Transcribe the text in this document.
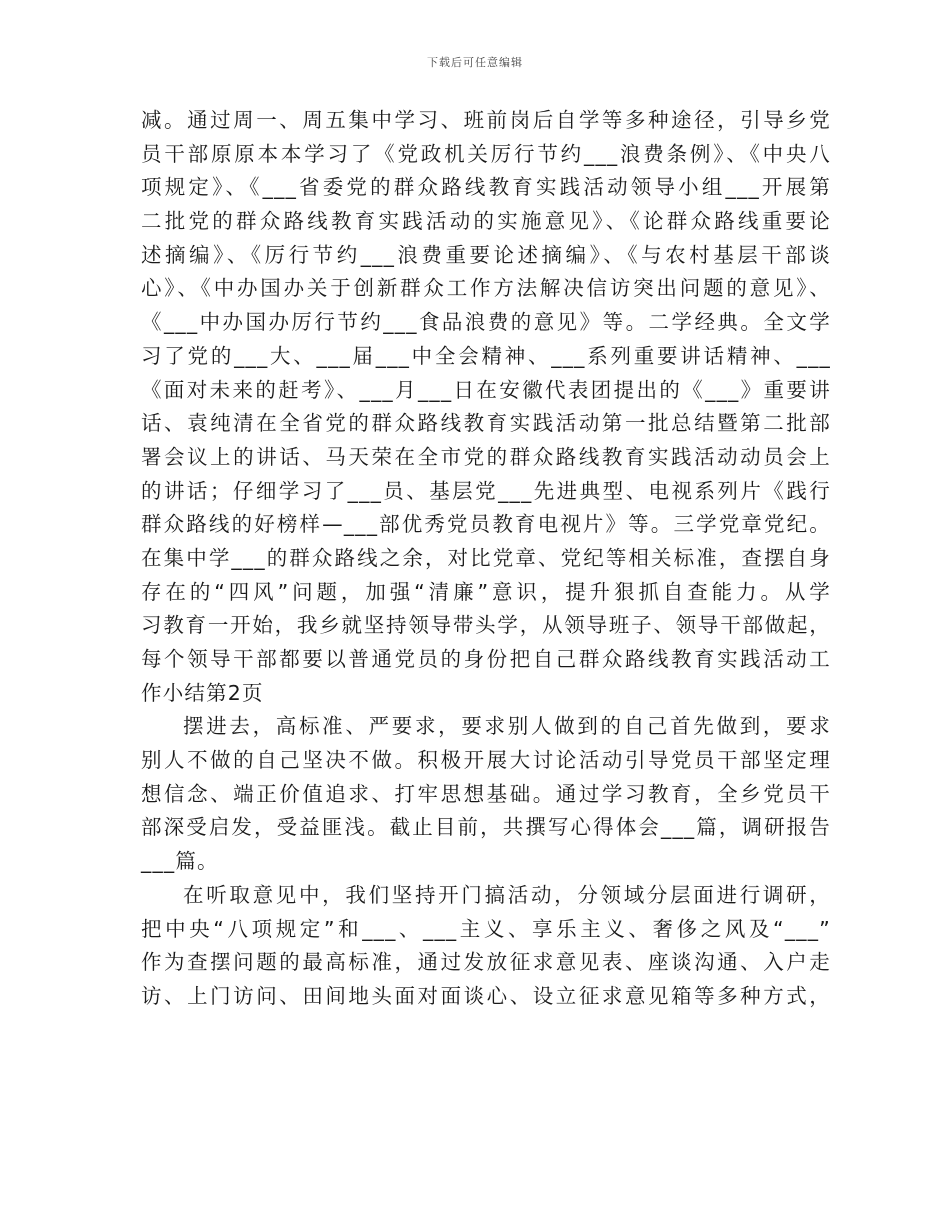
下载后可任意编辑
减。通过周一、周五集中学习、班前岗后自学等多种途径，引导乡党
员干部原原本本学习了《党政机关厉行节约___浪费条例》、《中央八
项规定》、《___省委党的群众路线教育实践活动领导小组___开展第
二批党的群众路线教育实践活动的实施意见》、《论群众路线重要论
述摘编》、《厉行节约___浪费重要论述摘编》、《与农村基层干部谈
心》、《中办国办关于创新群众工作方法解决信访突出问题的意见》、
《___中办国办厉行节约___食品浪费的意见》等。二学经典。全文学
习了党的___大、___届___中全会精神、___系列重要讲话精神、___
《面对未来的赶考》、___月___日在安徽代表团提出的《___》重要讲
话、袁纯清在全省党的群众路线教育实践活动第一批总结暨第二批部
署会议上的讲话、马天荣在全市党的群众路线教育实践活动动员会上
的讲话；仔细学习了___员、基层党___先进典型、电视系列片《践行
群众路线的好榜样—___部优秀党员教育电视片》等。三学党章党纪。
在集中学___的群众路线之余，对比党章、党纪等相关标准，查摆自身
存在的“四风”问题，加强“清廉”意识，提升狠抓自查能力。从学
习教育一开始，我乡就坚持领导带头学，从领导班子、领导干部做起，
每个领导干部都要以普通党员的身份把自己群众路线教育实践活动工
作小结第2页
摆进去，高标准、严要求，要求别人做到的自己首先做到，要求
别人不做的自己坚决不做。积极开展大讨论活动引导党员干部坚定理
想信念、端正价值追求、打牢思想基础。通过学习教育，全乡党员干
部深受启发，受益匪浅。截止目前，共撰写心得体会___篇，调研报告
___篇。
在听取意见中，我们坚持开门搞活动，分领域分层面进行调研，
把中央“八项规定”和___、___主义、享乐主义、奢侈之风及“___”
作为查摆问题的最高标准，通过发放征求意见表、座谈沟通、入户走
访、上门访问、田间地头面对面谈心、设立征求意见箱等多种方式，
